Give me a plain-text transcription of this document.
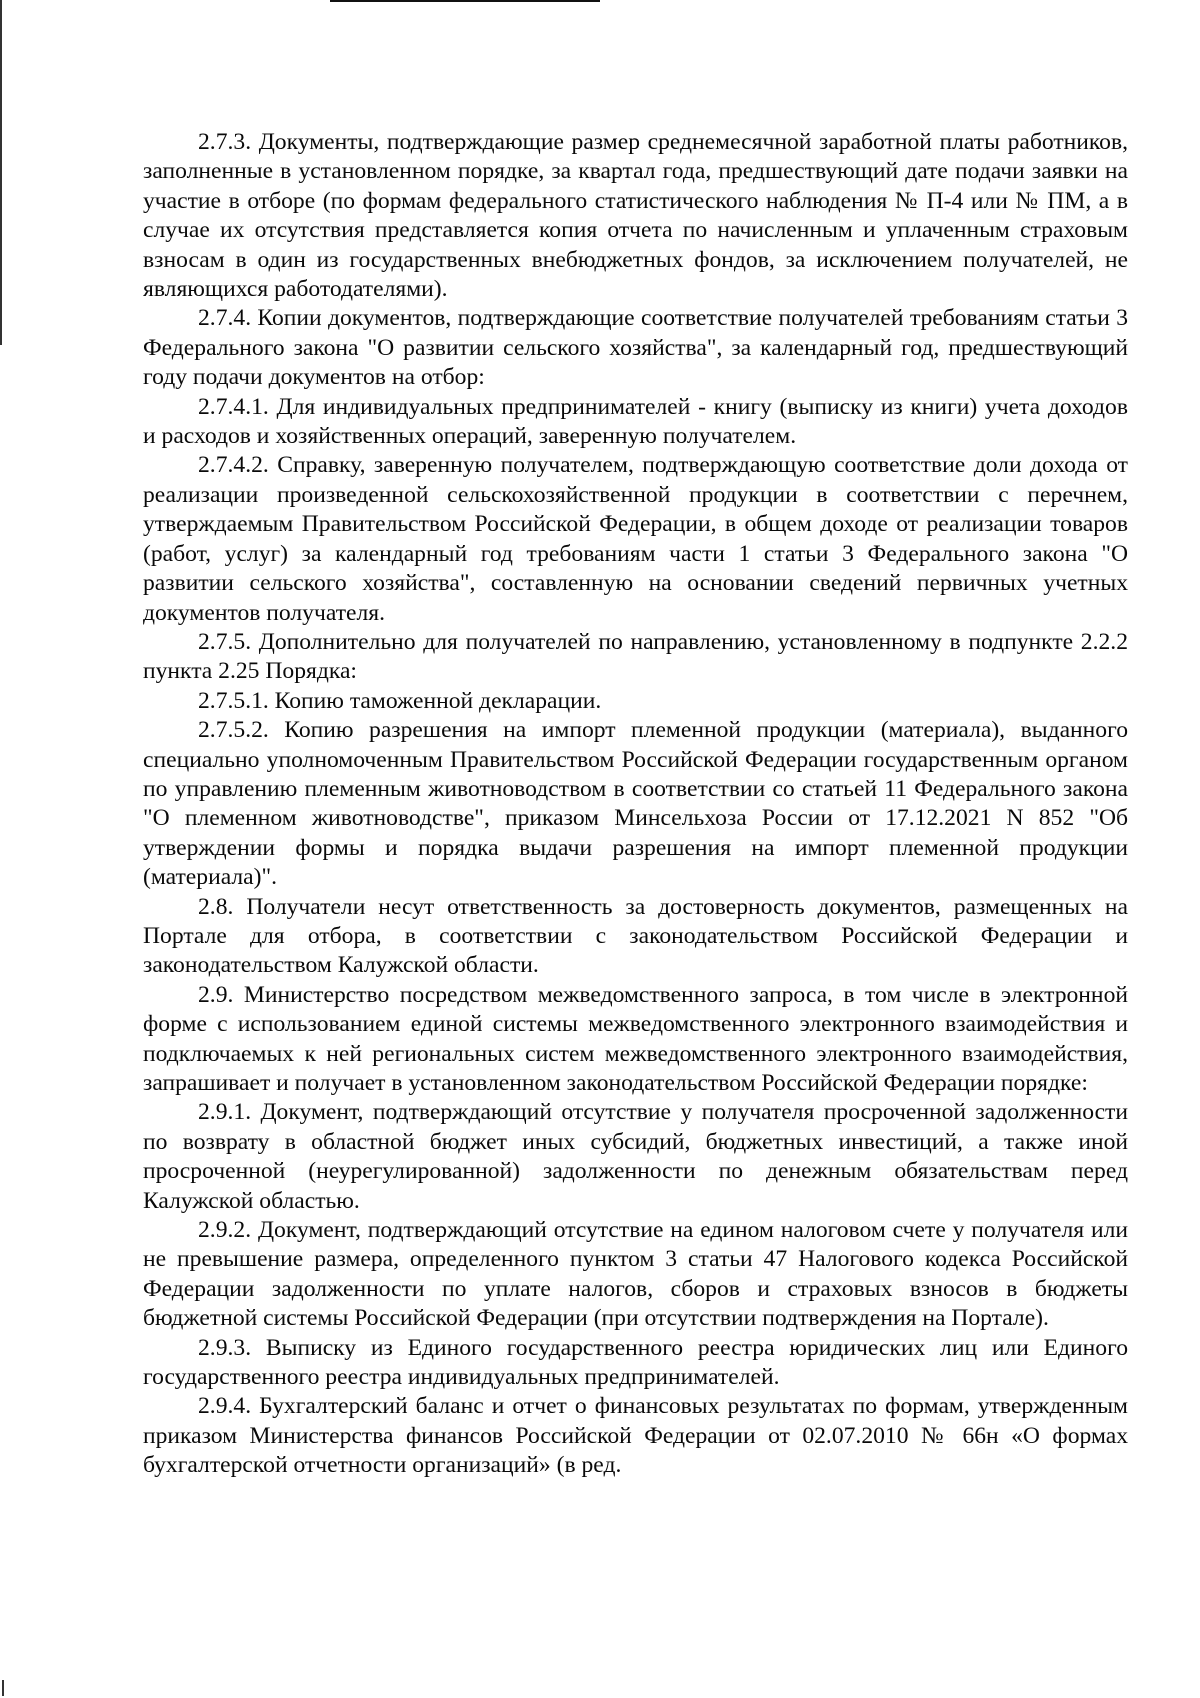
2.7.3. Документы, подтверждающие размер среднемесячной заработной платы работников, заполненные в установленном порядке, за квартал года, предшествующий дате подачи заявки на участие в отборе (по формам федерального статистического наблюдения № П-4 или № ПМ, а в случае их отсутствия представляется копия отчета по начисленным и уплаченным страховым взносам в один из государственных внебюджетных фондов, за исключением получателей, не являющихся работодателями).

2.7.4. Копии документов, подтверждающие соответствие получателей требованиям статьи 3 Федерального закона "О развитии сельского хозяйства", за календарный год, предшествующий году подачи документов на отбор:

2.7.4.1. Для индивидуальных предпринимателей - книгу (выписку из книги) учета доходов и расходов и хозяйственных операций, заверенную получателем.

2.7.4.2. Справку, заверенную получателем, подтверждающую соответствие доли дохода от реализации произведенной сельскохозяйственной продукции в соответствии с перечнем, утверждаемым Правительством Российской Федерации, в общем доходе от реализации товаров (работ, услуг) за календарный год требованиям части 1 статьи 3 Федерального закона "О развитии сельского хозяйства", составленную на основании сведений первичных учетных документов получателя.

2.7.5. Дополнительно для получателей по направлению, установленному в подпункте 2.2.2 пункта 2.25 Порядка:

2.7.5.1. Копию таможенной декларации.

2.7.5.2. Копию разрешения на импорт племенной продукции (материала), выданного специально уполномоченным Правительством Российской Федерации государственным органом по управлению племенным животноводством в соответствии со статьей 11 Федерального закона "О племенном животноводстве", приказом Минсельхоза России от 17.12.2021 N 852 "Об утверждении формы и порядка выдачи разрешения на импорт племенной продукции (материала)".

2.8. Получатели несут ответственность за достоверность документов, размещенных на Портале для отбора, в соответствии с законодательством Российской Федерации и законодательством Калужской области.

2.9. Министерство посредством межведомственного запроса, в том числе в электронной форме с использованием единой системы межведомственного электронного взаимодействия и подключаемых к ней региональных систем межведомственного электронного взаимодействия, запрашивает и получает в установленном законодательством Российской Федерации порядке:

2.9.1. Документ, подтверждающий отсутствие у получателя просроченной задолженности по возврату в областной бюджет иных субсидий, бюджетных инвестиций, а также иной просроченной (неурегулированной) задолженности по денежным обязательствам перед Калужской областью.

2.9.2. Документ, подтверждающий отсутствие на едином налоговом счете у получателя или не превышение размера, определенного пунктом 3 статьи 47 Налогового кодекса Российской Федерации задолженности по уплате налогов, сборов и страховых взносов в бюджеты бюджетной системы Российской Федерации (при отсутствии подтверждения на Портале).

2.9.3. Выписку из Единого государственного реестра юридических лиц или Единого государственного реестра индивидуальных предпринимателей.

2.9.4. Бухгалтерский баланс и отчет о финансовых результатах по формам, утвержденным приказом Министерства финансов Российской Федерации от 02.07.2010 № 66н «О формах бухгалтерской отчетности организаций» (в ред.
